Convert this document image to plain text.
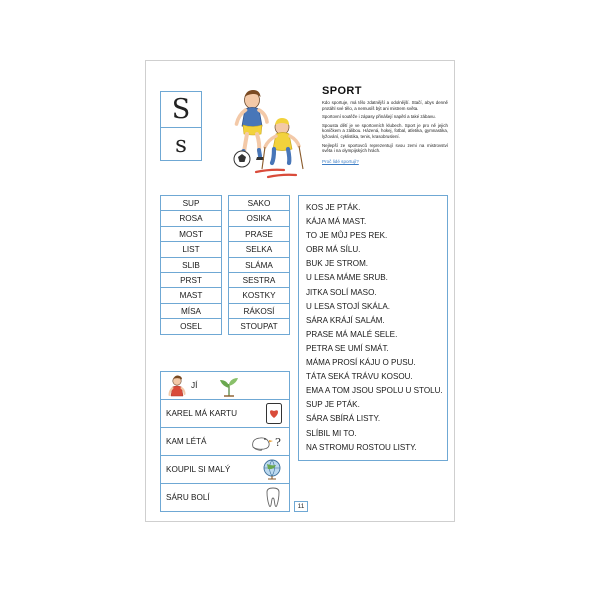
S
s
SPORT

Kdo sportuje, má tělo zdatnější a odolnější. Stačí, abys denně protáhl své tělo, a nemusíš být ani mistrem světa.

Sportovní soutěže i zápasy přinášejí napětí a také zábavu.

Spousta dětí je ve sportovních klubech. Sport je pro ně jejich koníčkem a zálibou. Házená, hokej, fotbal, atletika, gymnastika, lyžování, cyklistika, tenis, krasobruslení.

Nejlepší ze sportovců reprezentují svou zemi na mistrovství světa i na olympijských hrách.

Proč lidé sportují?
SUP
ROSA
MOST
LIST
SLIB
PRST
MAST
MÍSA
OSEL
SAKO
OSIKA
PRASE
SELKA
SLÁMA
SESTRA
KOSTKY
RÁKOSÍ
STOUPAT
KOS JE PTÁK.
KÁJA MÁ MAST.
TO JE MŮJ PES REK.
OBR MÁ SÍLU.
BUK JE STROM.
U LESA MÁME SRUB.
JITKA SOLÍ MASO.
U LESA STOJÍ SKÁLA.
SÁRA KRÁJÍ SALÁM.
PRASE MÁ MALÉ SELE.
PETRA SE UMÍ SMÁT.
MÁMA PROSÍ KÁJU O PUSU.
TÁTA SEKÁ TRÁVU KOSOU.
EMA A TOM JSOU SPOLU U STOLU.
SUP JE PTÁK.
SÁRA SBÍRÁ LISTY.
SLÍBIL MI TO.
NA STROMU ROSTOU LISTY.
JÍ
KAREL MÁ KARTU
KAM LÉTÁ	?
KOUPIL SI MALÝ
SÁRU BOLÍ
11
